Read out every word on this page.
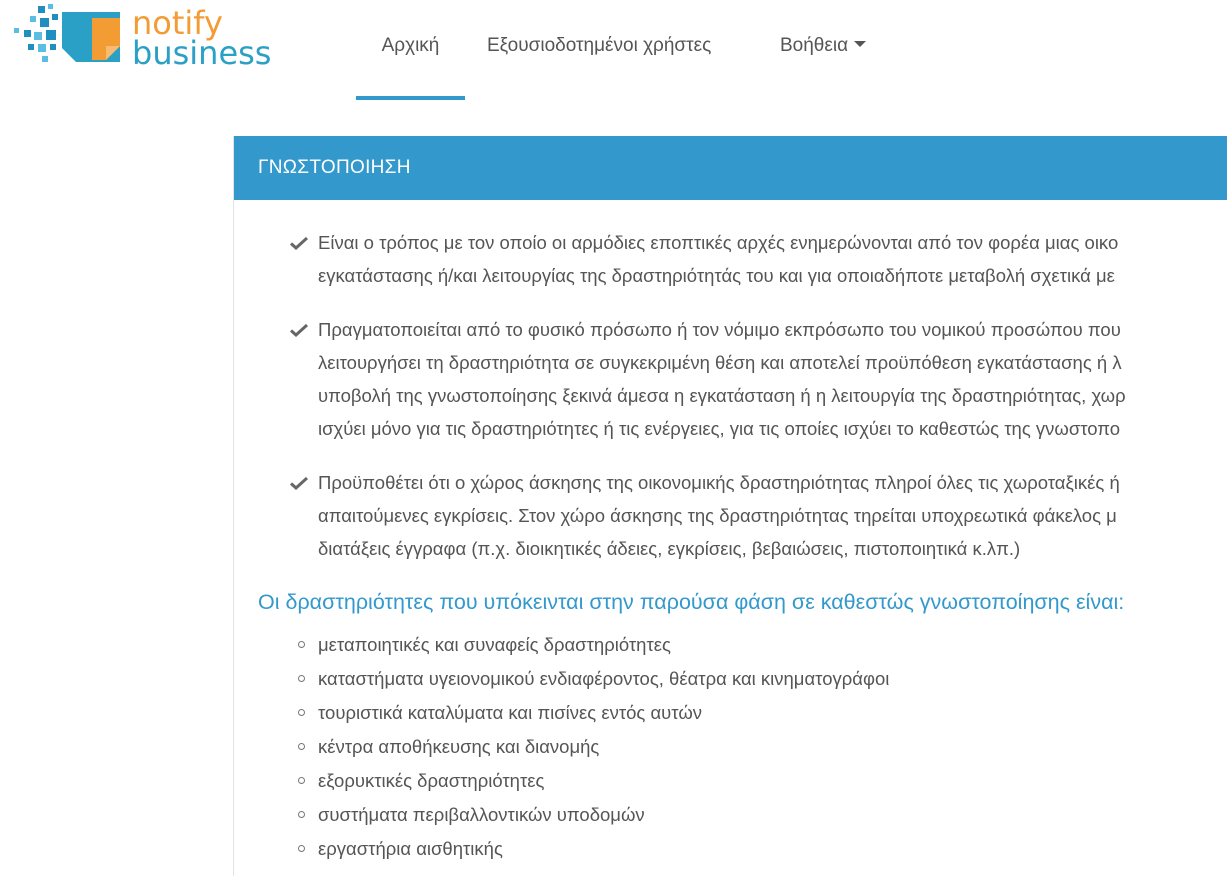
notify
business	Αρχική	Εξουσιοδοτημένοι χρήστες	Βοήθεια
ΓΝΩΣΤΟΠΟΙΗΣΗ
Είναι ο τρόπος με τον οποίο οι αρμόδιες εποπτικές αρχές ενημερώνονται από τον φορέα μιας οικο
εγκατάστασης ή/και λειτουργίας της δραστηριότητάς του και για οποιαδήποτε μεταβολή σχετικά με
Πραγματοποιείται από το φυσικό πρόσωπο ή τον νόμιμο εκπρόσωπο του νομικού προσώπου που
λειτουργήσει τη δραστηριότητα σε συγκεκριμένη θέση και αποτελεί προϋπόθεση εγκατάστασης ή λ
υποβολή της γνωστοποίησης ξεκινά άμεσα η εγκατάσταση ή η λειτουργία της δραστηριότητας, χωρ
ισχύει μόνο για τις δραστηριότητες ή τις ενέργειες, για τις οποίες ισχύει το καθεστώς της γνωστοπο
Προϋποθέτει ότι ο χώρος άσκησης της οικονομικής δραστηριότητας πληροί όλες τις χωροταξικές ή
απαιτούμενες εγκρίσεις. Στον χώρο άσκησης της δραστηριότητας τηρείται υποχρεωτικά φάκελος μ
διατάξεις έγγραφα (π.χ. διοικητικές άδειες, εγκρίσεις, βεβαιώσεις, πιστοποιητικά κ.λπ.)
Οι δραστηριότητες που υπόκεινται στην παρούσα φάση σε καθεστώς γνωστοποίησης είναι:
μεταποιητικές και συναφείς δραστηριότητες
καταστήματα υγειονομικού ενδιαφέροντος, θέατρα και κινηματογράφοι
τουριστικά καταλύματα και πισίνες εντός αυτών
κέντρα αποθήκευσης και διανομής
εξορυκτικές δραστηριότητες
συστήματα περιβαλλοντικών υποδομών
εργαστήρια αισθητικής
